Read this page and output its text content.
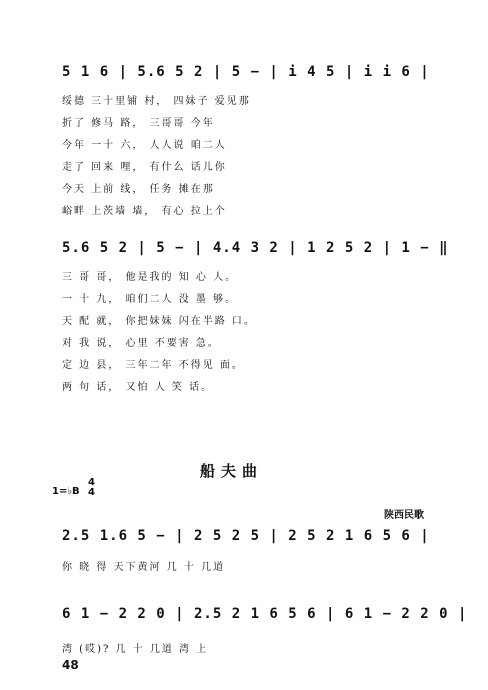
5 1 6 | 5.6 5 2 | 5 − | i 4 5 | i i 6 |
绥德 三十里铺 村， 四妹子 爱见那
折了 修马 路， 三哥哥 今年
今年 一十 六， 人人说 咱二人
走了 回来 哩， 有什么 话儿你
今天 上前 线， 任务 摊在那
峪畔 上茨墙 墙， 有心 拉上个
5.6 5 2 | 5 − | 4.4 3 2 | 1 2 5 2 | 1 − ‖
三 哥 哥， 他是我的 知 心 人。
一 十 九， 咱们二人 没 墨 够。
天 配 就， 你把妹妹 闪在半路 口。
对 我 说， 心里 不要害 急。
定 边 县， 三年二年 不得见 面。
两 句 话， 又怕 人 笑 话。
船夫曲
1=♭B
4
4
陕西民歌
2.5 1.6 5 − | 2 5 2 5 | 2 5 2 1 6 5 6 |
你 晓 得 天下黄河 几 十 几道
6 1 − 2 2 0 | 2.5 2 1 6 5 6 | 6 1 − 2 2 0 |
湾 (哎)? 几 十 几道 湾 上
48
